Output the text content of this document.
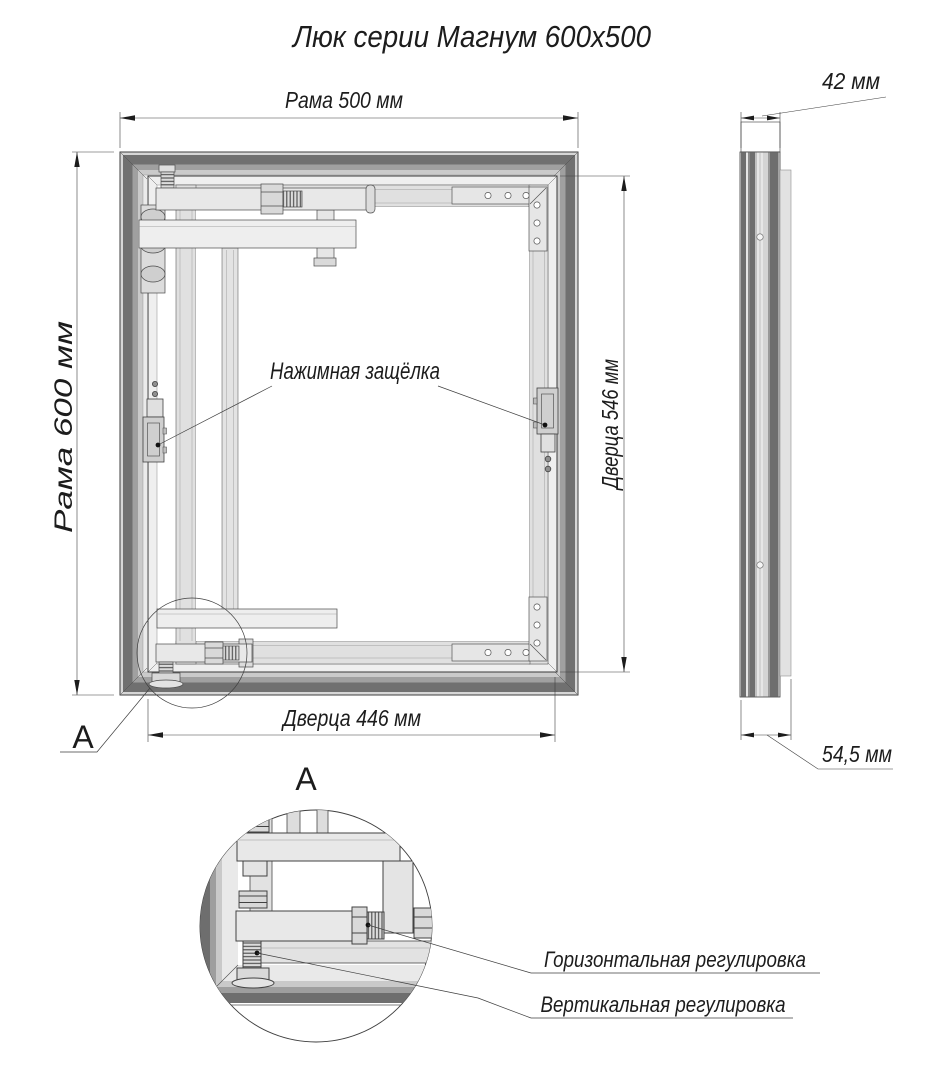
Люк серии Магнум 600x500
Нажимная защёлка
А
Рама 500 мм
Рама 600 мм	Дверца 546 мм
Дверца 446 мм
42 мм
54,5 мм
А
Горизонтальная регулировка
Вертикальная регулировка
